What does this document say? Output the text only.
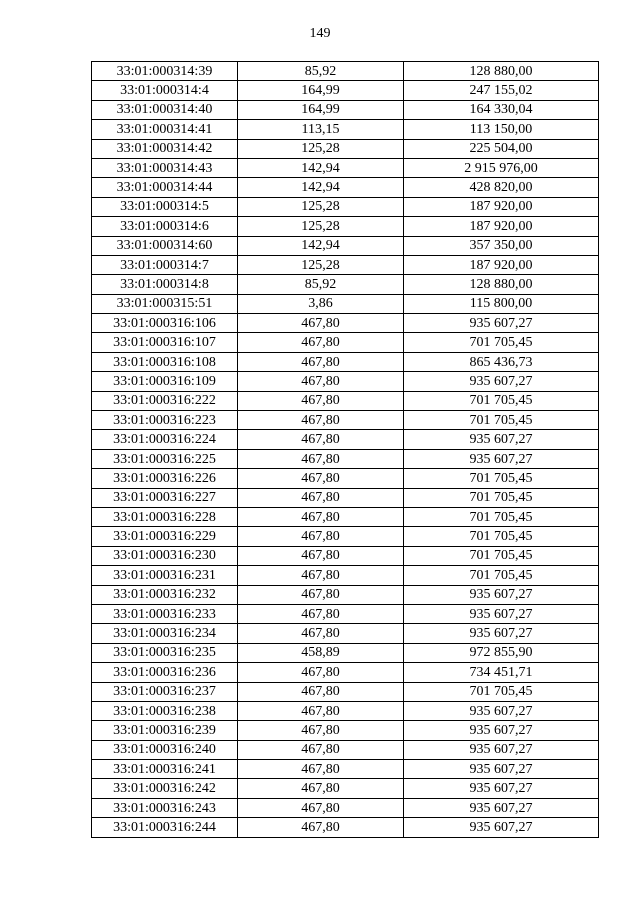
149
33:01:000314:39	85,92	128 880,00
33:01:000314:4	164,99	247 155,02
33:01:000314:40	164,99	164 330,04
33:01:000314:41	113,15	113 150,00
33:01:000314:42	125,28	225 504,00
33:01:000314:43	142,94	2 915 976,00
33:01:000314:44	142,94	428 820,00
33:01:000314:5	125,28	187 920,00
33:01:000314:6	125,28	187 920,00
33:01:000314:60	142,94	357 350,00
33:01:000314:7	125,28	187 920,00
33:01:000314:8	85,92	128 880,00
33:01:000315:51	3,86	115 800,00
33:01:000316:106	467,80	935 607,27
33:01:000316:107	467,80	701 705,45
33:01:000316:108	467,80	865 436,73
33:01:000316:109	467,80	935 607,27
33:01:000316:222	467,80	701 705,45
33:01:000316:223	467,80	701 705,45
33:01:000316:224	467,80	935 607,27
33:01:000316:225	467,80	935 607,27
33:01:000316:226	467,80	701 705,45
33:01:000316:227	467,80	701 705,45
33:01:000316:228	467,80	701 705,45
33:01:000316:229	467,80	701 705,45
33:01:000316:230	467,80	701 705,45
33:01:000316:231	467,80	701 705,45
33:01:000316:232	467,80	935 607,27
33:01:000316:233	467,80	935 607,27
33:01:000316:234	467,80	935 607,27
33:01:000316:235	458,89	972 855,90
33:01:000316:236	467,80	734 451,71
33:01:000316:237	467,80	701 705,45
33:01:000316:238	467,80	935 607,27
33:01:000316:239	467,80	935 607,27
33:01:000316:240	467,80	935 607,27
33:01:000316:241	467,80	935 607,27
33:01:000316:242	467,80	935 607,27
33:01:000316:243	467,80	935 607,27
33:01:000316:244	467,80	935 607,27
